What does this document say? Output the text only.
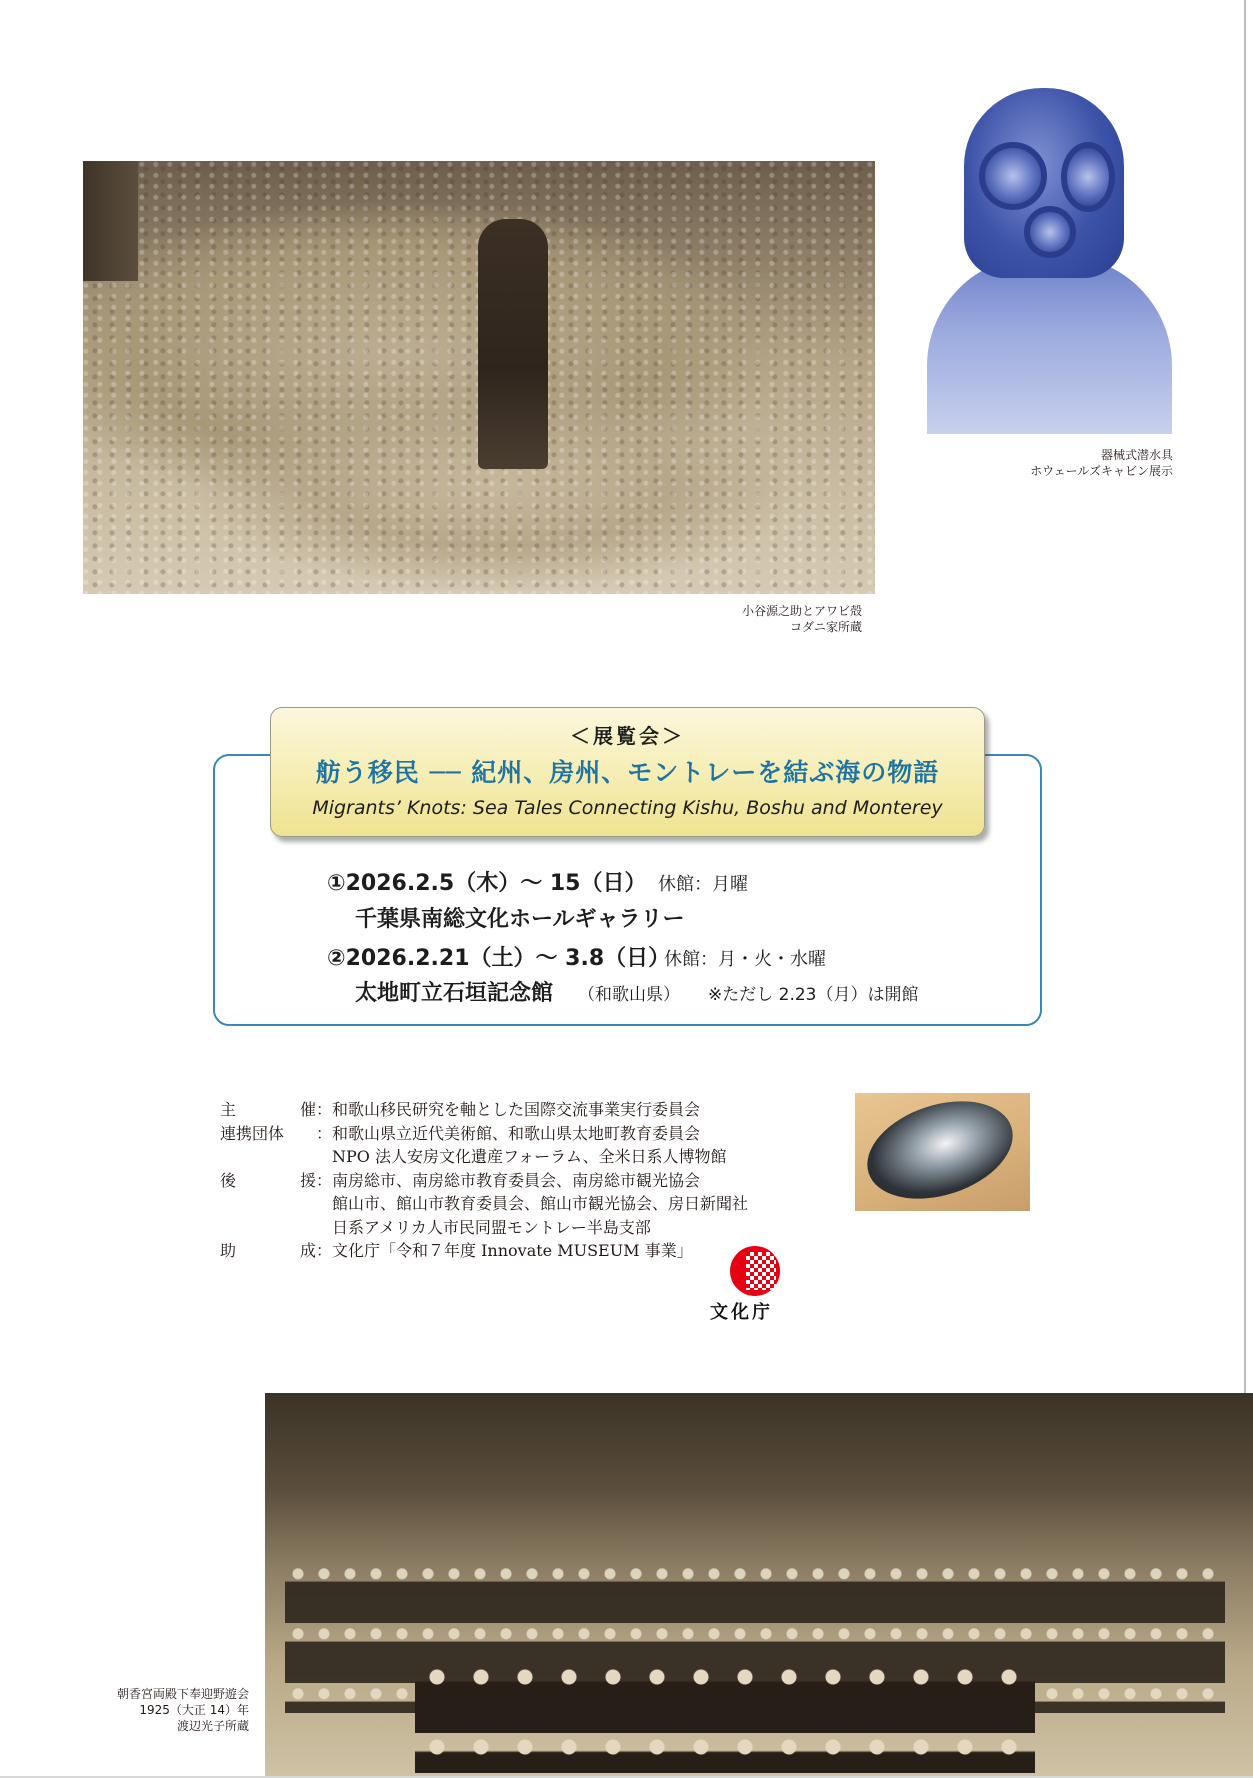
小谷源之助とアワビ殻
コダニ家所蔵
器械式潜水具
ホウェールズキャビン展示
＜展覧会＞
舫う移民 ── 紀州、房州、モントレーを結ぶ海の物語
Migrants’ Knots: Sea Tales Connecting Kishu, Boshu and Monterey
①2026.2.5（木）～ 15（日） 休館：月曜
千葉県南総文化ホールギャラリー
②2026.2.21（土）～ 3.8（日）
休館：月・火・水曜
太地町立石垣記念館 （和歌山県） ※ただし 2.23（月）は開館
主	催 ： 和歌山移民研究を軸とした国際交流事業実行委員会
連携団体 ： 和歌山県立近代美術館、和歌山県太地町教育委員会
NPO 法人安房文化遺産フォーラム、全米日系人博物館
後	援 ： 南房総市、南房総市教育委員会、南房総市観光協会
館山市、館山市教育委員会、館山市観光協会、房日新聞社
日系アメリカ人市民同盟モントレー半島支部
助	成 ： 文化庁「令和７年度 Innovate MUSEUM 事業」
文化庁
朝香宮両殿下奉迎野遊会
1925（大正 14）年
渡辺光子所蔵
